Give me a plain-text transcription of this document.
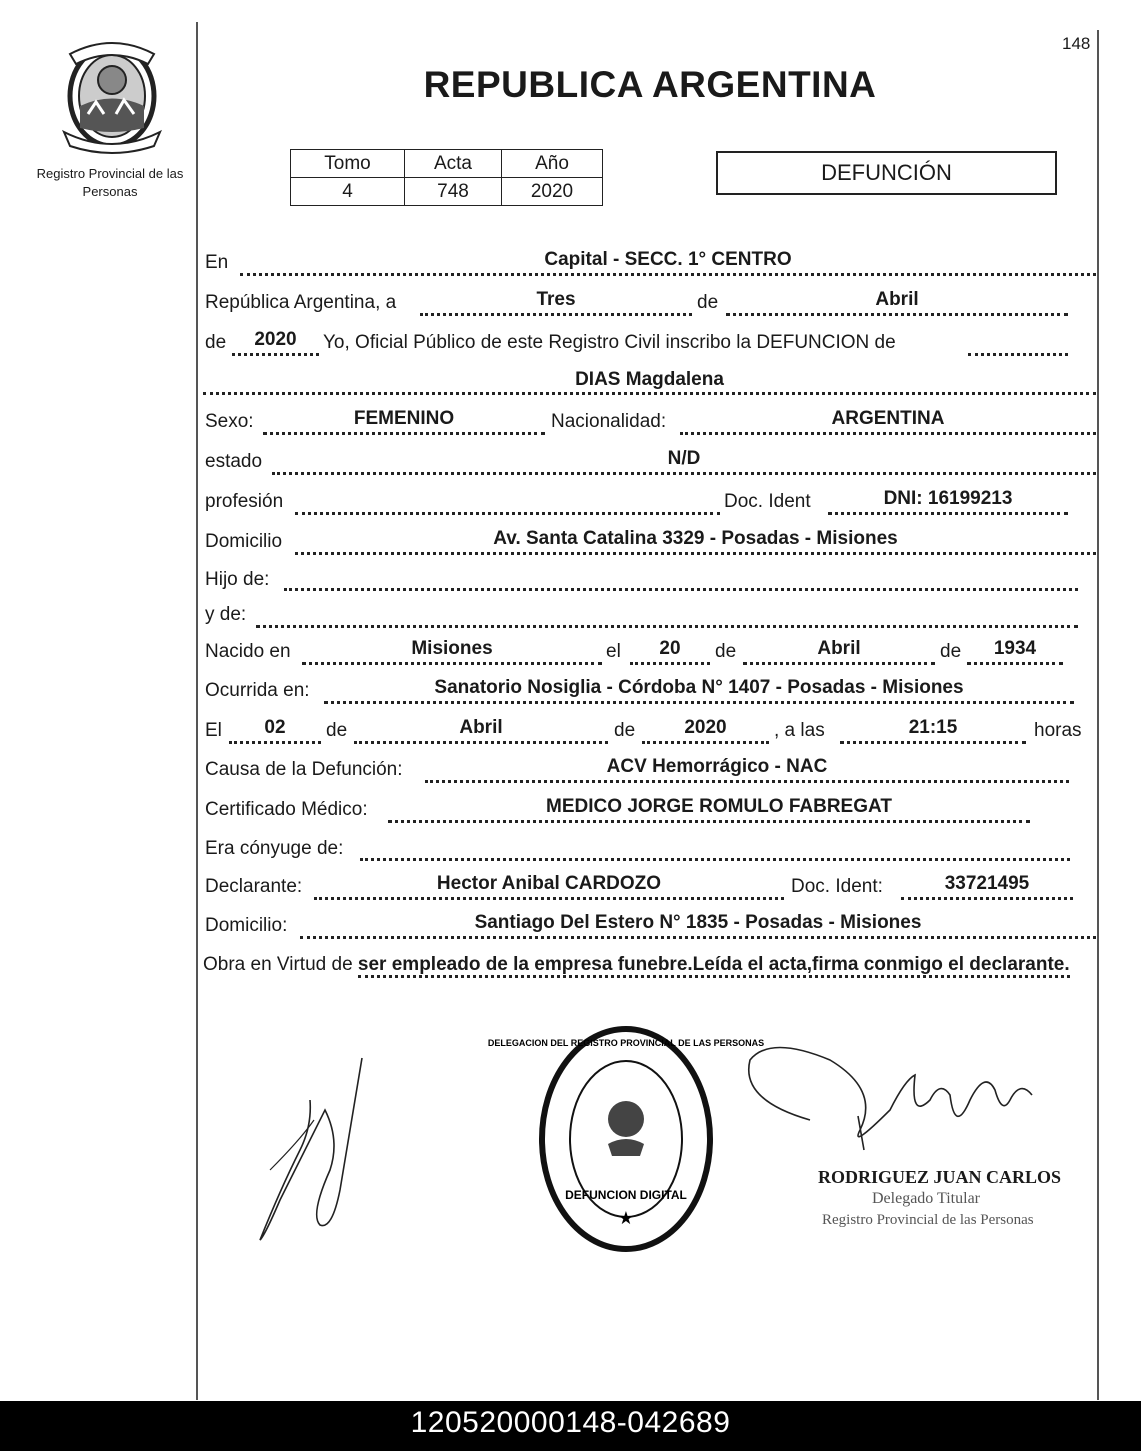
148
Registro Provincial de las Personas
REPUBLICA ARGENTINA
Tomo	Acta	Año
4	748	2020
DEFUNCIÓN
En	Capital - SECC. 1° CENTRO
República Argentina, a	Tres	de	Abril
de	2020	Yo, Oficial Público de este Registro Civil inscribo la DEFUNCION de
DIAS Magdalena
Sexo:	FEMENINO	Nacionalidad:	ARGENTINA
estado	N/D
profesión	Doc. Ident	DNI: 16199213
Domicilio	Av. Santa Catalina 3329 - Posadas - Misiones
Hijo de:
y de:
Nacido en	Misiones	el	20	de	Abril	de	1934
Ocurrida en:	Sanatorio Nosiglia - Córdoba N° 1407 - Posadas - Misiones
El	02	de	Abril	de	2020	, a las	21:15	horas
Causa de la Defunción:	ACV Hemorrágico - NAC
Certificado Médico:	MEDICO JORGE ROMULO FABREGAT
Era cónyuge de:
Declarante:	Hector Anibal CARDOZO	Doc. Ident:	33721495
Domicilio:	Santiago Del Estero N° 1835 - Posadas - Misiones
Obra en Virtud de ser empleado de la empresa funebre.Leída el acta,firma conmigo el declarante.
★
DEFUNCION DIGITAL
DELEGACION DEL REGISTRO PROVINCIAL DE LAS PERSONAS
RODRIGUEZ JUAN CARLOS
Delegado Titular
Registro Provincial de las Personas
120520000148-042689
